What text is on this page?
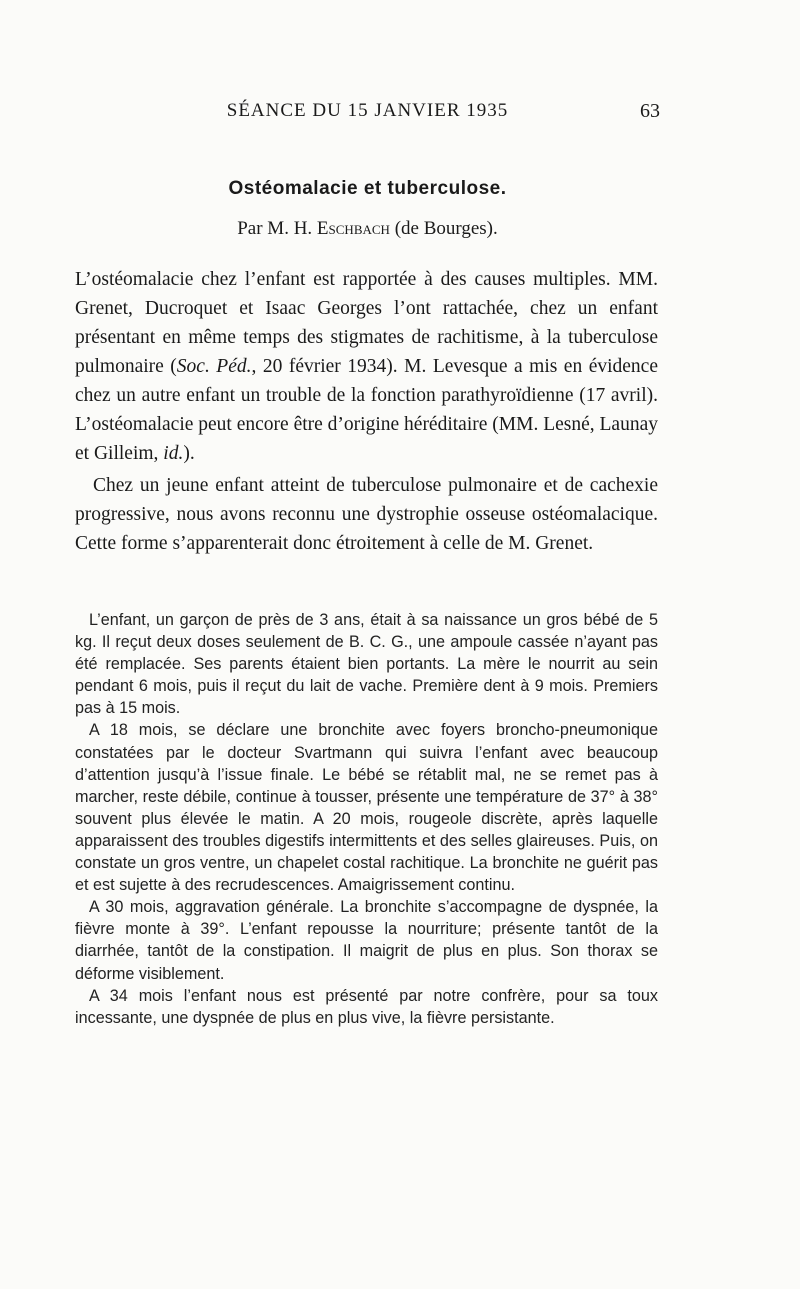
SÉANCE DU 15 JANVIER 1935	63
Ostéomalacie et tuberculose.
Par M. H. Eschbach (de Bourges).

L’ostéomalacie chez l’enfant est rapportée à des causes multiples. MM. Grenet, Ducroquet et Isaac Georges l’ont rattachée, chez un enfant présentant en même temps des stigmates de rachitisme, à la tuberculose pulmonaire (Soc. Péd., 20 février 1934). M. Levesque a mis en évidence chez un autre enfant un trouble de la fonction parathyroïdienne (17 avril). L’ostéomalacie peut encore être d’origine héréditaire (MM. Lesné, Launay et Gilleim, id.).

Chez un jeune enfant atteint de tuberculose pulmonaire et de cachexie progressive, nous avons reconnu une dystrophie osseuse ostéomalacique. Cette forme s’apparenterait donc étroitement à celle de M. Grenet.

L’enfant, un garçon de près de 3 ans, était à sa naissance un gros bébé de 5 kg. Il reçut deux doses seulement de B. C. G., une ampoule cassée n’ayant pas été remplacée. Ses parents étaient bien portants. La mère le nourrit au sein pendant 6 mois, puis il reçut du lait de vache. Première dent à 9 mois. Premiers pas à 15 mois.

A 18 mois, se déclare une bronchite avec foyers broncho-pneumonique constatées par le docteur Svartmann qui suivra l’enfant avec beaucoup d’attention jusqu’à l’issue finale. Le bébé se rétablit mal, ne se remet pas à marcher, reste débile, continue à tousser, présente une température de 37° à 38° souvent plus élevée le matin. A 20 mois, rougeole discrète, après laquelle apparaissent des troubles digestifs intermittents et des selles glaireuses. Puis, on constate un gros ventre, un chapelet costal rachitique. La bronchite ne guérit pas et est sujette à des recrudescences. Amaigrissement continu.

A 30 mois, aggravation générale. La bronchite s’accompagne de dyspnée, la fièvre monte à 39°. L’enfant repousse la nourriture; présente tantôt de la diarrhée, tantôt de la constipation. Il maigrit de plus en plus. Son thorax se déforme visiblement.

A 34 mois l’enfant nous est présenté par notre confrère, pour sa toux incessante, une dyspnée de plus en plus vive, la fièvre persistante.
